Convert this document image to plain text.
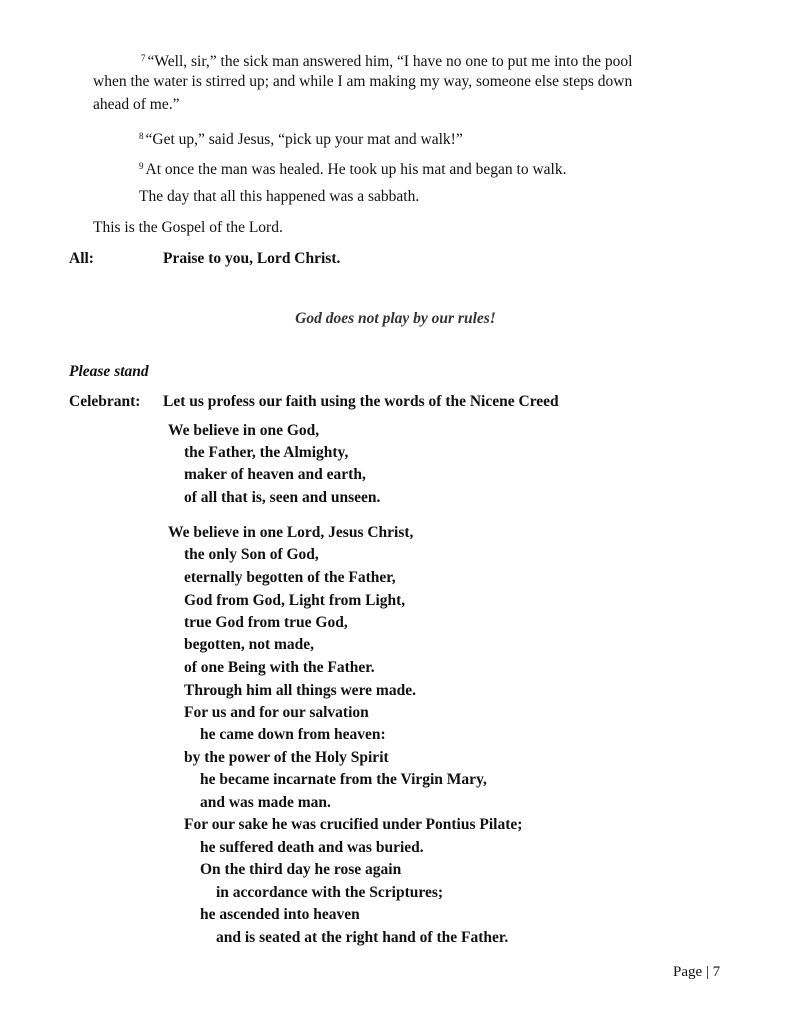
$^7$ “Well, sir,” the sick man answered him, “I have no one to put me into the pool
when the water is stirred up; and while I am making my way, someone else steps down
ahead of me.”
$^8$ “Get up,” said Jesus, “pick up your mat and walk!”
$^9$ At once the man was healed. He took up his mat and began to walk.
The day that all this happened was a sabbath.
This is the Gospel of the Lord.
All:	Praise to you, Lord Christ.
God does not play by our rules!
Please stand
Celebrant: Let us profess our faith using the words of the Nicene Creed
We believe in one God,
the Father, the Almighty,
maker of heaven and earth,
of all that is, seen and unseen.
We believe in one Lord, Jesus Christ,
the only Son of God,
eternally begotten of the Father,
God from God, Light from Light,
true God from true God,
begotten, not made,
of one Being with the Father.
Through him all things were made.
For us and for our salvation
he came down from heaven:
by the power of the Holy Spirit
he became incarnate from the Virgin Mary,
and was made man.
For our sake he was crucified under Pontius Pilate;
he suffered death and was buried.
On the third day he rose again
in accordance with the Scriptures;
he ascended into heaven
and is seated at the right hand of the Father.
Page | 7
